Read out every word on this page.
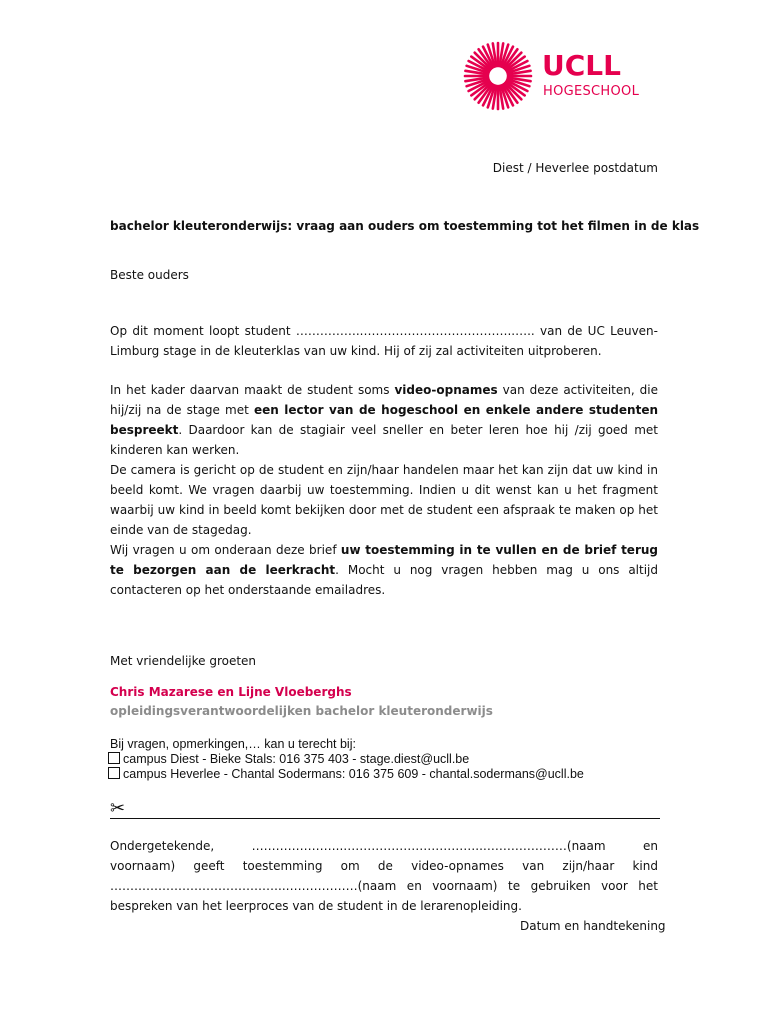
UCLL
HOGESCHOOL
Diest / Heverlee postdatum
bachelor kleuteronderwijs: vraag aan ouders om toestemming tot het filmen in de klas
Beste ouders

Op dit moment loopt student ……………..………………………………..….. van de UC Leuven-Limburg stage in de kleuterklas van uw kind. Hij of zij zal activiteiten uitproberen.

In het kader daarvan maakt de student soms video-opnames van deze activiteiten, die hij/zij na de stage met een lector van de hogeschool en enkele andere studenten bespreekt. Daardoor kan de stagiair veel sneller en beter leren hoe hij /zij goed met kinderen kan werken.

De camera is gericht op de student en zijn/haar handelen maar het kan zijn dat uw kind in beeld komt. We vragen daarbij uw toestemming. Indien u dit wenst kan u het fragment waarbij uw kind in beeld komt bekijken door met de student een afspraak te maken op het einde van de stagedag.

Wij vragen u om onderaan deze brief uw toestemming in te vullen en de brief terug te bezorgen aan de leerkracht. Mocht u nog vragen hebben mag u ons altijd contacteren op het onderstaande emailadres.

Met vriendelijke groeten
Chris Mazarese en Lijne Vloeberghs
opleidingsverantwoordelijken bachelor kleuteronderwijs
Bij vragen, opmerkingen,… kan u terecht bij:
campus Diest - Bieke Stals: 016 375 403 - stage.diest@ucll.be
campus Heverlee - Chantal Sodermans: 016 375 609 - chantal.sodermans@ucll.be
✂

Ondergetekende, …………………..……………………………..…………………(naam en voornaam) geeft toestemming om de video-opnames van zijn/haar kind ……………………………………..………………(naam en voornaam) te gebruiken voor het bespreken van het leerproces van de student in de lerarenopleiding.

Datum en handtekening
